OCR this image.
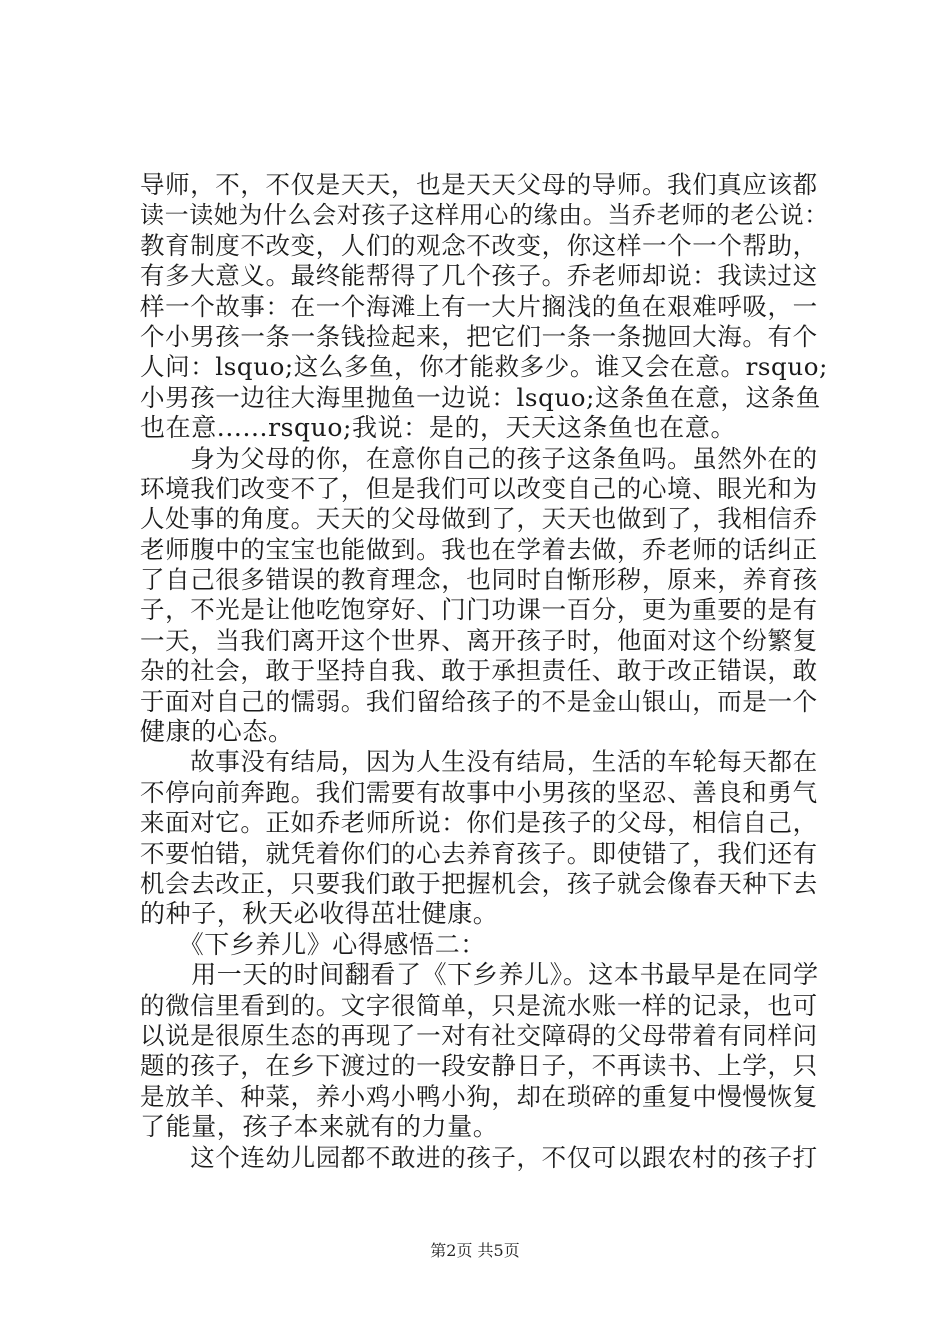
导师，不，不仅是天天，也是天天父母的导师。我们真应该都
读一读她为什么会对孩子这样用心的缘由。当乔老师的老公说：
教育制度不改变，人们的观念不改变，你这样一个一个帮助，
有多大意义。最终能帮得了几个孩子。乔老师却说：我读过这
样一个故事：在一个海滩上有一大片搁浅的鱼在艰难呼吸，一
个小男孩一条一条钱捡起来，把它们一条一条抛回大海。有个
人问：lsquo;这么多鱼，你才能救多少。谁又会在意。rsquo;
小男孩一边往大海里抛鱼一边说：lsquo;这条鱼在意，这条鱼
也在意......rsquo;我说：是的，天天这条鱼也在意。
　　身为父母的你，在意你自己的孩子这条鱼吗。虽然外在的
环境我们改变不了，但是我们可以改变自己的心境、眼光和为
人处事的角度。天天的父母做到了，天天也做到了，我相信乔
老师腹中的宝宝也能做到。我也在学着去做，乔老师的话纠正
了自己很多错误的教育理念，也同时自惭形秽，原来，养育孩
子，不光是让他吃饱穿好、门门功课一百分，更为重要的是有
一天，当我们离开这个世界、离开孩子时，他面对这个纷繁复
杂的社会，敢于坚持自我、敢于承担责任、敢于改正错误，敢
于面对自己的懦弱。我们留给孩子的不是金山银山，而是一个
健康的心态。
　　故事没有结局，因为人生没有结局，生活的车轮每天都在
不停向前奔跑。我们需要有故事中小男孩的坚忍、善良和勇气
来面对它。正如乔老师所说：你们是孩子的父母，相信自己，
不要怕错，就凭着你们的心去养育孩子。即使错了，我们还有
机会去改正，只要我们敢于把握机会，孩子就会像春天种下去
的种子，秋天必收得茁壮健康。
　　《下乡养儿》心得感悟二：
　　用一天的时间翻看了《下乡养儿》。这本书最早是在同学
的微信里看到的。文字很简单，只是流水账一样的记录，也可
以说是很原生态的再现了一对有社交障碍的父母带着有同样问
题的孩子，在乡下渡过的一段安静日子，不再读书、上学，只
是放羊、种菜，养小鸡小鸭小狗，却在琐碎的重复中慢慢恢复
了能量，孩子本来就有的力量。
　　这个连幼儿园都不敢进的孩子，不仅可以跟农村的孩子打
第2页 共5页
